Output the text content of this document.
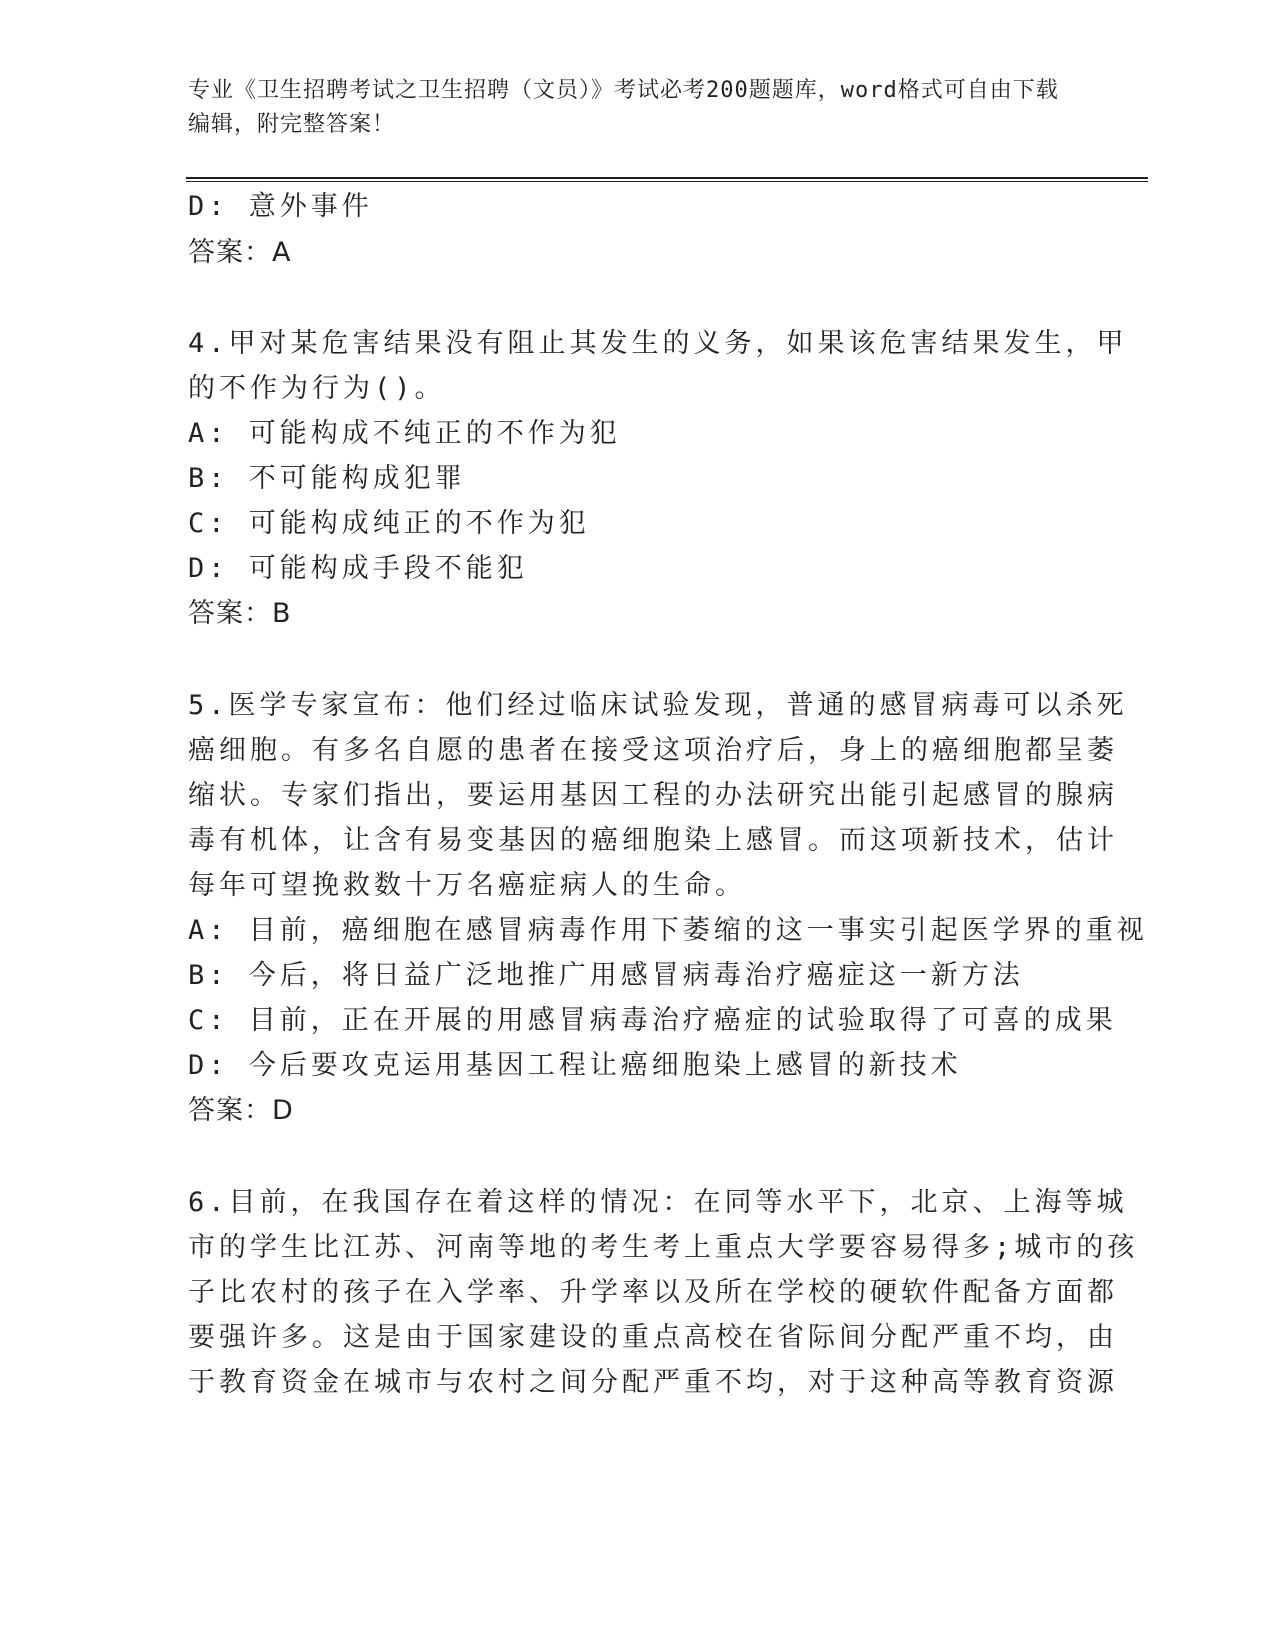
专业《卫生招聘考试之卫生招聘（文员）》考试必考200题题库，word格式可自由下载编辑，附完整答案！
D: 意外事件
答案：A
4.甲对某危害结果没有阻止其发生的义务，如果该危害结果发生，甲
的不作为行为()。
A: 可能构成不纯正的不作为犯
B: 不可能构成犯罪
C: 可能构成纯正的不作为犯
D: 可能构成手段不能犯
答案：B
5.医学专家宣布：他们经过临床试验发现，普通的感冒病毒可以杀死
癌细胞。有多名自愿的患者在接受这项治疗后，身上的癌细胞都呈萎
缩状。专家们指出，要运用基因工程的办法研究出能引起感冒的腺病
毒有机体，让含有易变基因的癌细胞染上感冒。而这项新技术，估计
每年可望挽救数十万名癌症病人的生命。
A: 目前，癌细胞在感冒病毒作用下萎缩的这一事实引起医学界的重视
B: 今后，将日益广泛地推广用感冒病毒治疗癌症这一新方法
C: 目前，正在开展的用感冒病毒治疗癌症的试验取得了可喜的成果
D: 今后要攻克运用基因工程让癌细胞染上感冒的新技术
答案：D
6.目前，在我国存在着这样的情况：在同等水平下，北京、上海等城
市的学生比江苏、河南等地的考生考上重点大学要容易得多;城市的孩
子比农村的孩子在入学率、升学率以及所在学校的硬软件配备方面都
要强许多。这是由于国家建设的重点高校在省际间分配严重不均，由
于教育资金在城市与农村之间分配严重不均，对于这种高等教育资源
